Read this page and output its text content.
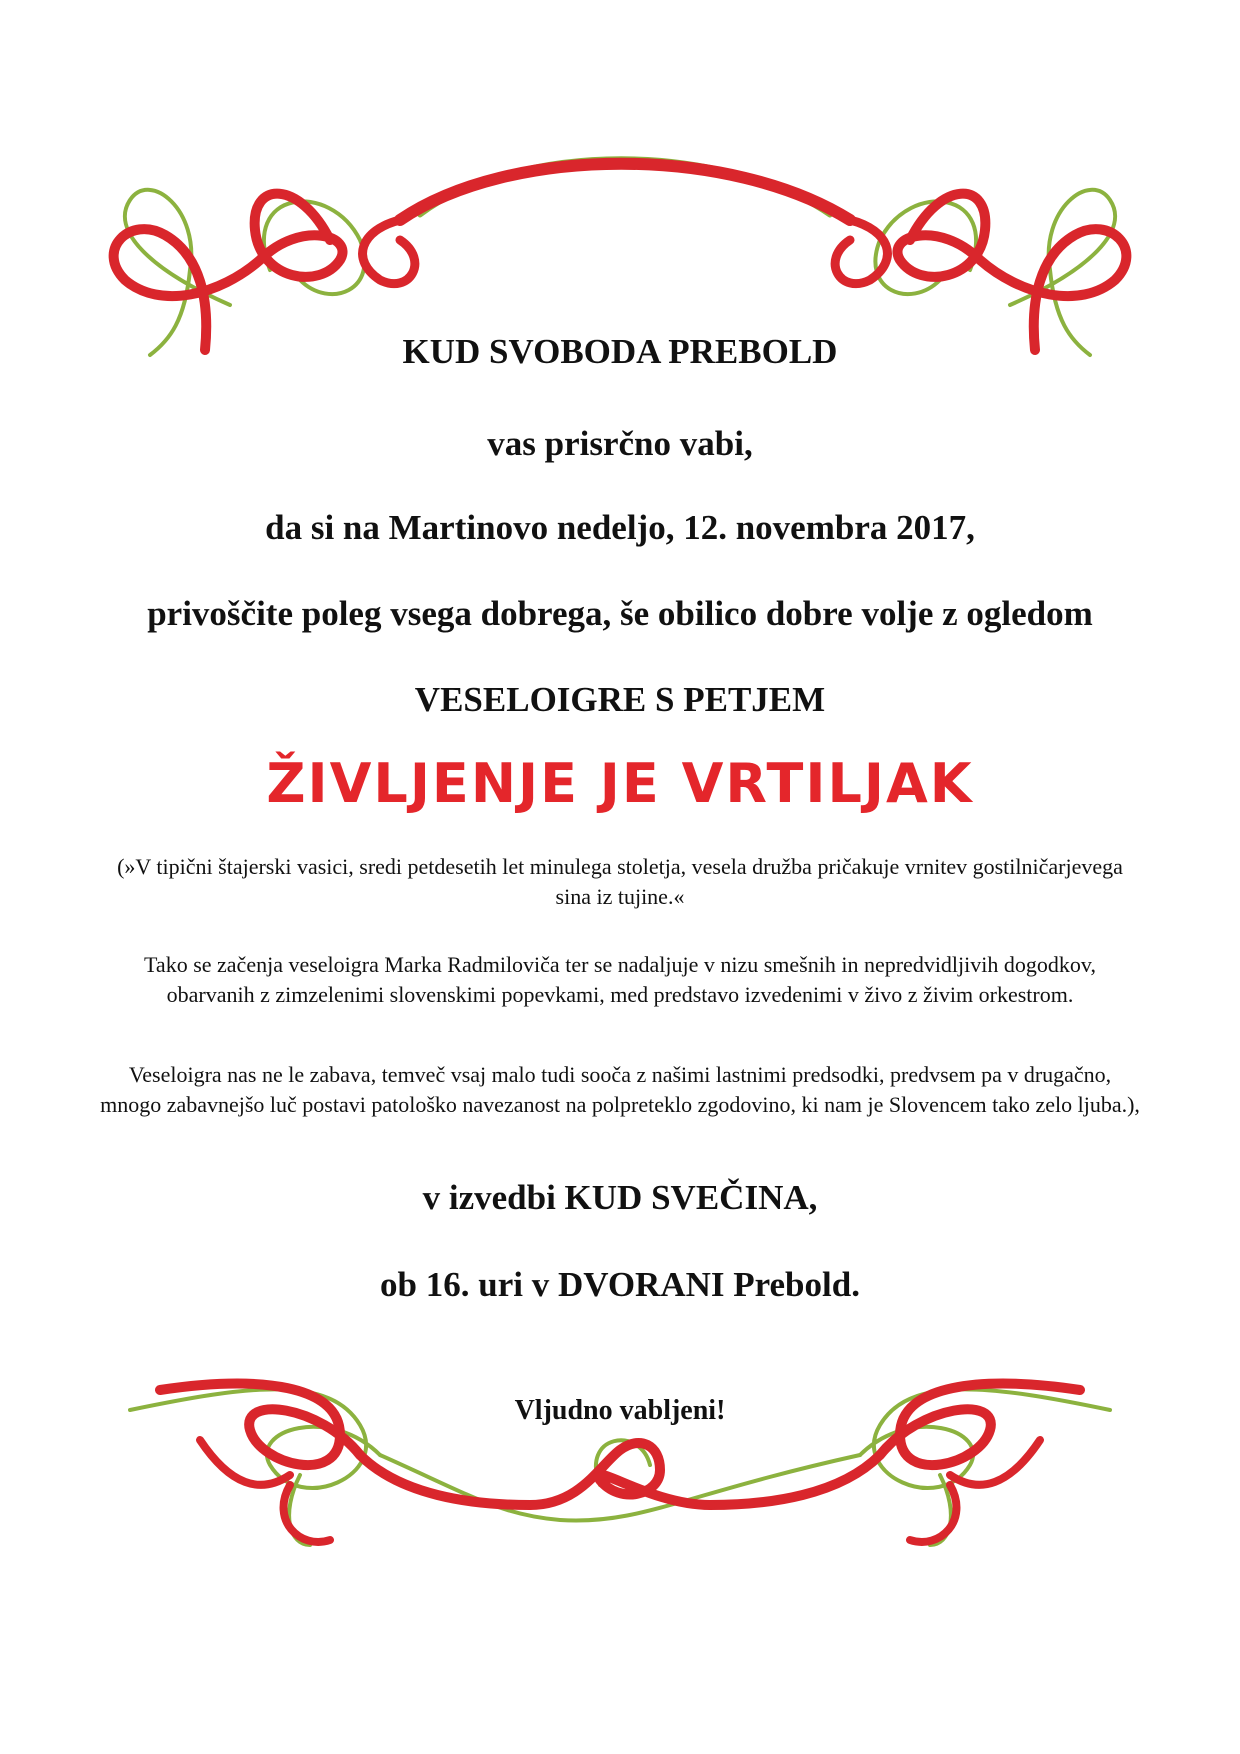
KUD SVOBODA PREBOLD

vas prisrčno vabi,

da si na Martinovo nedeljo, 12. novembra 2017,

privoščite poleg vsega dobrega, še obilico dobre volje z ogledom

VESELOIGRE S PETJEM

ŽIVLJENJE JE VRTILJAK

(»V tipični štajerski vasici, sredi petdesetih let minulega stoletja, vesela družba pričakuje vrnitev gostilničarjevega sina iz tujine.«

Tako se začenja veseloigra Marka Radmiloviča ter se nadaljuje v nizu smešnih in nepredvidljivih dogodkov, obarvanih z zimzelenimi slovenskimi popevkami, med predstavo izvedenimi v živo z živim orkestrom.

Veseloigra nas ne le zabava, temveč vsaj malo tudi sooča z našimi lastnimi predsodki, predvsem pa v drugačno, mnogo zabavnejšo luč postavi patološko navezanost na polpreteklo zgodovino, ki nam je Slovencem tako zelo ljuba.),

v izvedbi KUD SVEČINA,

ob 16. uri v DVORANI Prebold.

Vljudno vabljeni!
